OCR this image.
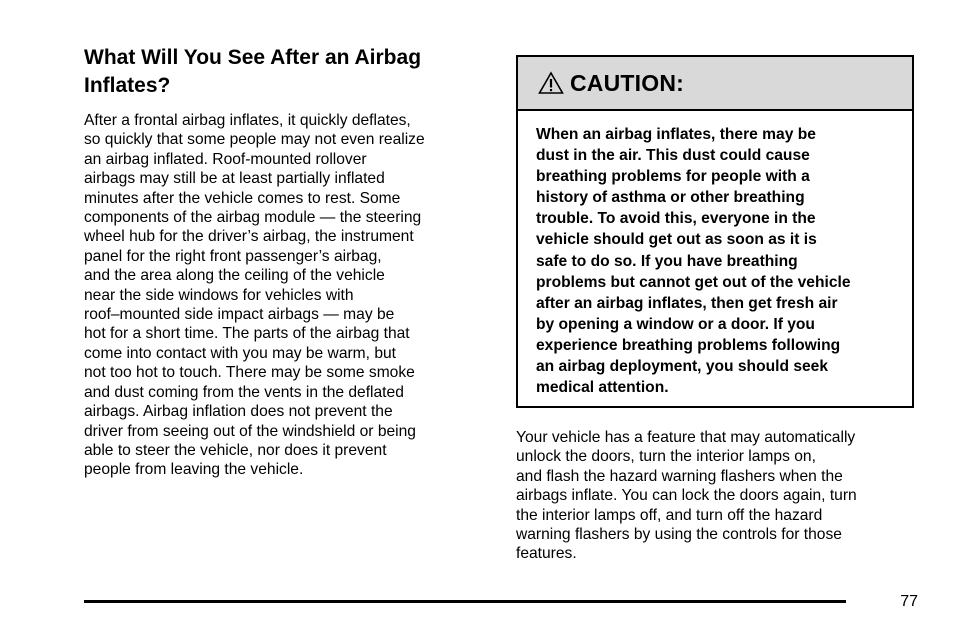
What Will You See After an Airbag
Inflates?

After a frontal airbag inflates, it quickly deflates,
so quickly that some people may not even realize
an airbag inflated. Roof-mounted rollover
airbags may still be at least partially inflated
minutes after the vehicle comes to rest. Some
components of the airbag module — the steering
wheel hub for the driver’s airbag, the instrument
panel for the right front passenger’s airbag,
and the area along the ceiling of the vehicle
near the side windows for vehicles with
roof–mounted side impact airbags — may be
hot for a short time. The parts of the airbag that
come into contact with you may be warm, but
not too hot to touch. There may be some smoke
and dust coming from the vents in the deflated
airbags. Airbag inflation does not prevent the
driver from seeing out of the windshield or being
able to steer the vehicle, nor does it prevent
people from leaving the vehicle.

CAUTION:
When an airbag inflates, there may be
dust in the air. This dust could cause
breathing problems for people with a
history of asthma or other breathing
trouble. To avoid this, everyone in the
vehicle should get out as soon as it is
safe to do so. If you have breathing
problems but cannot get out of the vehicle
after an airbag inflates, then get fresh air
by opening a window or a door. If you
experience breathing problems following
an airbag deployment, you should seek
medical attention.

Your vehicle has a feature that may automatically
unlock the doors, turn the interior lamps on,
and flash the hazard warning flashers when the
airbags inflate. You can lock the doors again, turn
the interior lamps off, and turn off the hazard
warning flashers by using the controls for those
features.

77
